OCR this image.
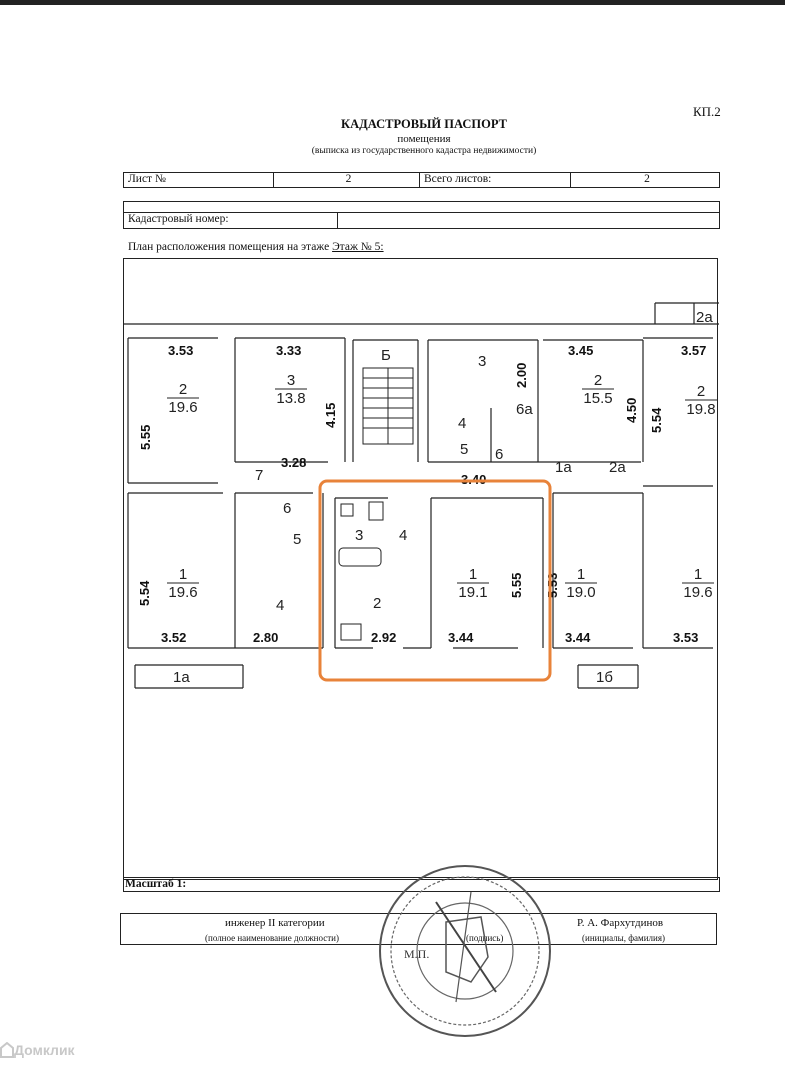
КП.2
КАДАСТРОВЫЙ ПАСПОРТ
помещения
(выписка из государственного кадастра недвижимости)
Лист №	2	Всего листов:	2
Кадастровый номер:
План расположения помещения на этаже Этаж № 5:
3.53	3.33	3.45	3.57
3.28
3.40
3.52	2.80	2.92	3.44	3.44	3.53
5.55
4.15
2.00
4.50 5.54
5.54	5.55 5.53
2а
Б	3
6а
4
5 6
1а 2а
7
6
5	4
3
4	2
1а	1б
2
19.6
3
13.8
2
15.5	2
19.8
1
19.6
1
19.1
1
19.0
1
19.6
Масштаб 1:
инженер II категории
(полное наименование должности)	(подпись)
Р. А. Фархутдинов
(инициалы, фамилия)
М.П.
Домклик
